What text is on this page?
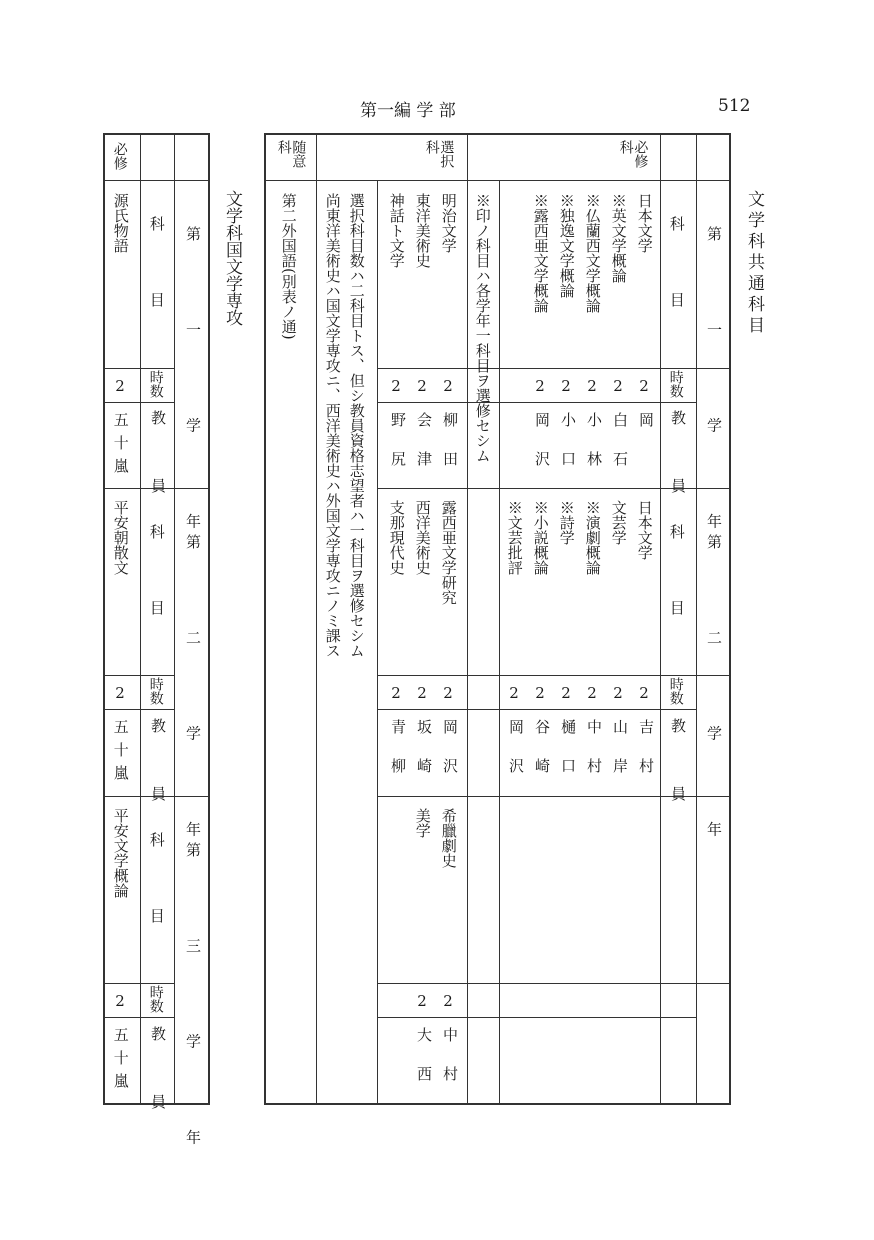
第一編 学 部	512
文学科共通科目
必修科
選択科
随意科
第 一 学 年
第 二 学 年
科 目
時数
教 員
科 目
時数
教 員
日本文学
※英文学概論
※仏蘭西文学概論
※独逸文学概論
※露西亜文学概論
2
2
2
2
2
岡
白石
小林
小口
岡沢
※印ノ科目ハ各学年一科目ヲ選修セシム
日本文学
文芸学
※演劇概論
※詩学
※小説概論
※文芸批評
2
2
2
2
2
2
吉村
山岸
中村
樋口
谷崎
岡沢
明治文学
東洋美術史
神話ト文学
2
2
2
柳田
会津
野尻
露西亜文学研究
西洋美術史
支那現代史
2
2
2
岡沢
坂崎
青柳
希臘劇史
美学
2
2
中村
大西
選択科目数ハ二科目トス、但シ教員資格志望者ハ一科目ヲ選修セシム
尚東洋美術史ハ国文学専攻ニ、西洋美術史ハ外国文学専攻ニノミ課ス
第二外国語(別表ノ通)
文学科国文学専攻
必修
第 一 学 年
科 目
時数
教 員
源氏物語
2
五十嵐
第 二 学 年
科 目
時数
教 員
平安朝散文
2
五十嵐
第 三 学 年
科 目
時数
教 員
平安文学概論
2
五十嵐
